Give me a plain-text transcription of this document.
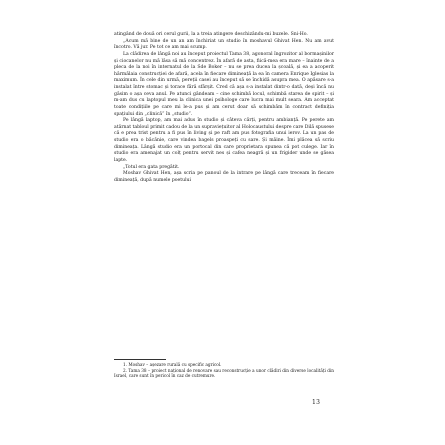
atingând de două ori cerul gurii, la a treia atingere deschizându-mi buzele. Sni-Ho.

„Acum mă bine de un an am închiriat un studio în moshavul Ghivat Hen. Nu am avut încotro. Vă jur. Pe tot ce am mai scump.

La clădirea de lângă noi au început proiectul Tama 38, agonoral îngrozitor al bormașinilor și ciocanelor nu mă lăsa să mă concentrez. În afară de asta, fiică-mea era mare – înainte de a pleca de la noi în internatul de la Sde Boker – nu se prea ducea la școală, și ea a acoperit hărmălaia construcției de afară, acela în fiecare dimineață la ea în camera Enrique Iglesias la maximum. În cele din urmă, pereții casei au început să se închidă asupra mea. O apăsare s-a instalat între stomac și torace fără sfârșit. Cred că așa s-a instalat dintr-o dată, deși încă nu găsim o așa ceva anul. Pe atunci gândeam – cine schimbă locul, schimbă starea de spirit – și m-am dus cu laptopul meu la clinica unei psihologe care lucra mai mult seara. Am acceptat toate condițiile pe care mi le-a pus și am cerut doar să schimbăm în contract definiția spațiului din „clinică” în „studio”.

Pe lângă laptop, am mai adus în studio și câteva cărți, pentru ambianță. Pe perete am atârnat tabloul primit cadou de la un supraviețuitor al Holocaustului despre care Dilă spusese că e prea trist pentru a fi pus în living și pe raft am pus fotografia unui ierov. La un pas de studio era o băcănie, care vindea bagels proaspeți cu sare. Și mâine. Îmi plăcea să scriu dimineața. Lângă studio era un portocal din care proprietara spunea că pot culege. Iar în studio era amenajat un colț pentru servit nes și cafea neagră și un frigider unde se găsea lapte.

„Totul era gata pregătit.

Moshav Ghivat Hen, așa scria pe panoul de la intrare pe lângă care treceam în fiecare dimineață, după numele poetului

1. Moshav – așezare rurală cu specific agricol.

2. Tama 38 – proiect național de renovare sau reconstrucție a unor clădiri din diverse localități din Israel, care sunt în pericol în caz de cutremure.

13
